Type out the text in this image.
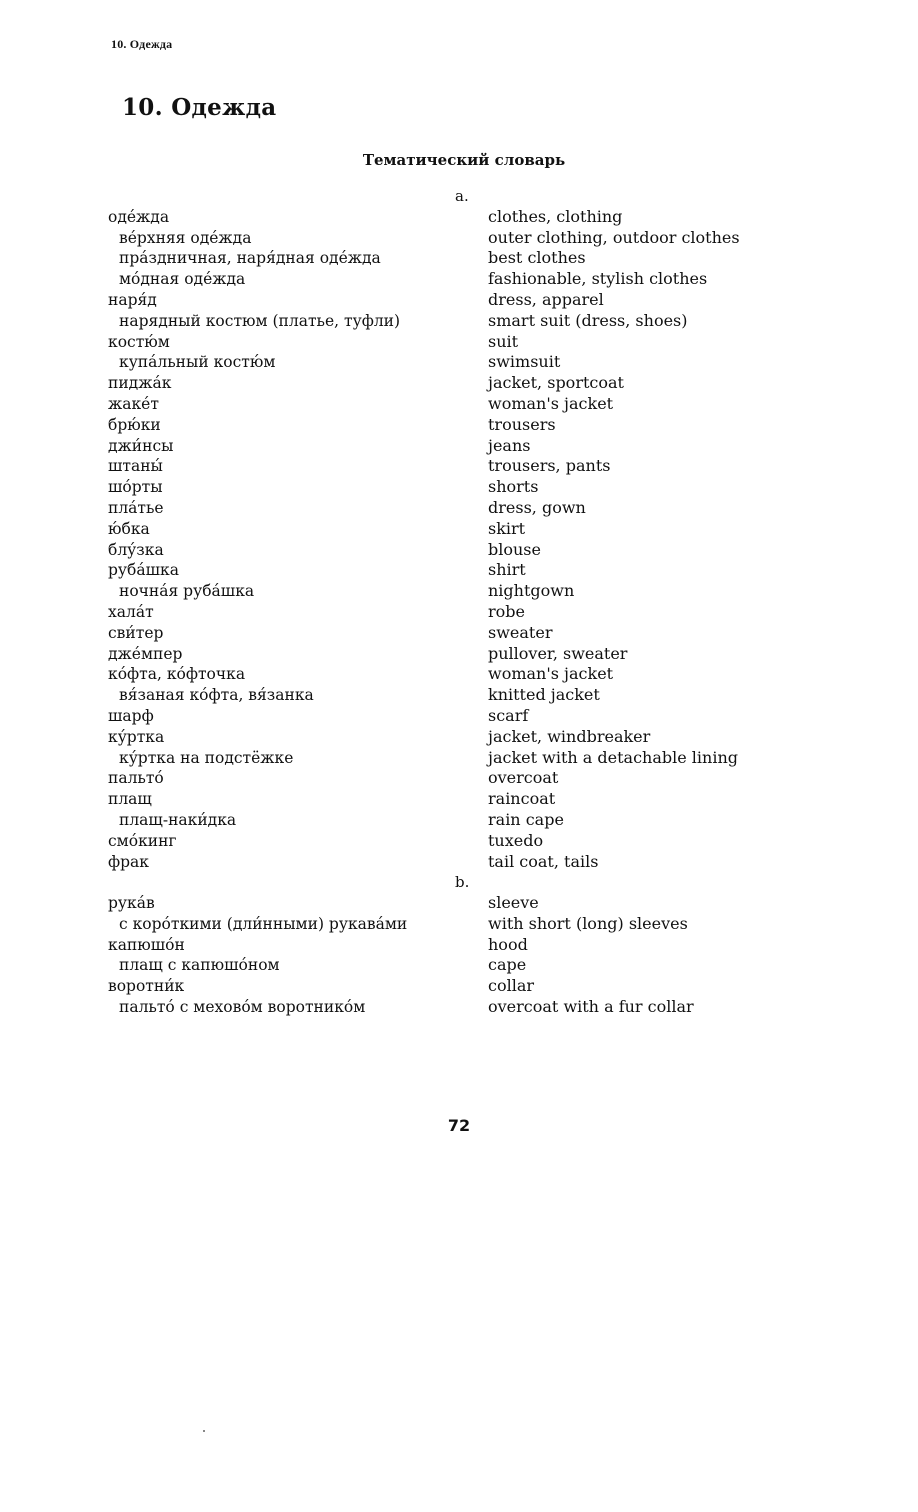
10. Одежда
10. Одежда
Тематический словарь
a.
оде́жда	clothes, clothing
ве́рхняя оде́жда	outer clothing, outdoor clothes
пра́здничная, наря́дная оде́жда	best clothes
мо́дная оде́жда	fashionable, stylish clothes
наря́д	dress, apparel
нарядный костюм (платье, туфли)	smart suit (dress, shoes)
костю́м	suit
купа́льный костю́м	swimsuit
пиджа́к	jacket, sportcoat
жаке́т	woman's jacket
брю́ки	trousers
джи́нсы	jeans
штаны́	trousers, pants
шо́рты	shorts
пла́тье	dress, gown
ю́бка	skirt
блу́зка	blouse
руба́шка	shirt
ночна́я руба́шка	nightgown
хала́т	robe
сви́тер	sweater
дже́мпер	pullover, sweater
ко́фта, ко́фточка	woman's jacket
вя́заная ко́фта, вя́занка	knitted jacket
шарф	scarf
ку́ртка	jacket, windbreaker
ку́ртка на подстёжке	jacket with a detachable lining
пальто́	overcoat
плащ	raincoat
плащ-наки́дка	rain cape
смо́кинг	tuxedo
фрак	tail coat, tails
b.
рука́в	sleeve
с коро́ткими (дли́нными) рукава́ми	with short (long) sleeves
капюшо́н	hood
плащ с капюшо́ном	cape
воротни́к	collar
пальто́ с мехово́м воротнико́м	overcoat with a fur collar
72
